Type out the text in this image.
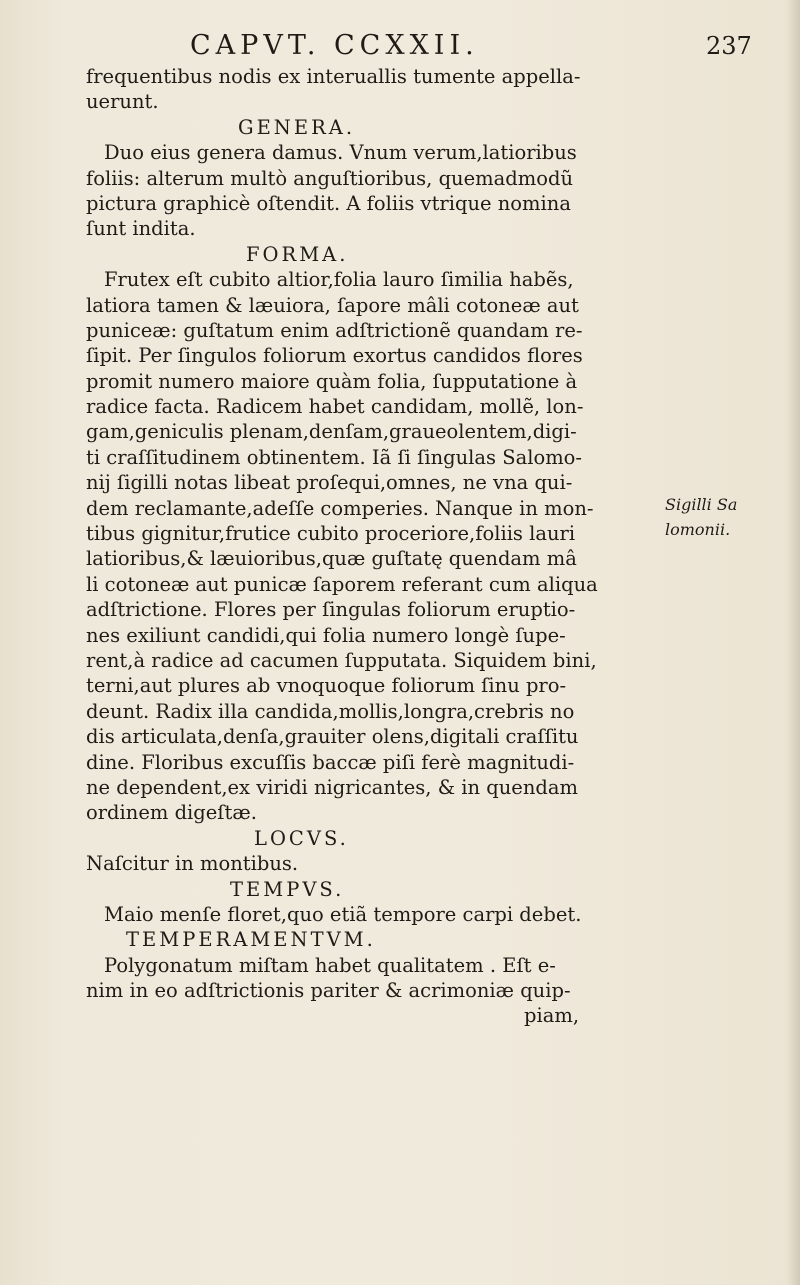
CAPVT. CCXXII.	237
frequentibus nodis ex interuallis tumente appella-
uerunt.
GENERA.
Duo eius genera damus. Vnum verum,latioribus
foliis: alterum multò anguſtioribus, quemadmodũ
pictura graphicè oſtendit. A foliis vtrique nomina
ſunt indita.
FORMA.
Frutex eſt cubito altior,folia lauro ſimilia habẽs,
latiora tamen & læuiora, ſapore mâli cotoneæ aut
puniceæ: guſtatum enim adſtrictionẽ quandam re-
ſipit. Per ſingulos foliorum exortus candidos flores
promit numero maiore quàm folia, ſupputatione à
radice facta. Radicem habet candidam, mollẽ, lon-
gam,geniculis plenam,denſam,graueolentem,digi-
ti craſſitudinem obtinentem. Iã ſi ſingulas Salomo-
nij ſigilli notas libeat proſequi,omnes, ne vna qui-
dem reclamante,adeſſe comperies. Nanque in mon-
tibus gignitur,frutice cubito proceriore,foliis lauri
latioribus,& læuioribus,quæ guſtatę quendam mâ
li cotoneæ aut punicæ ſaporem referant cum aliqua
adſtrictione. Flores per ſingulas foliorum eruptio-
nes exiliunt candidi,qui folia numero longè ſupe-
rent,à radice ad cacumen ſupputata. Siquidem bini,
terni,aut plures ab vnoquoque foliorum ſinu pro-
deunt. Radix illa candida,mollis,longra,crebris no
dis articulata,denſa,grauiter olens,digitali craſſitu
dine. Floribus excuſſis baccæ piſi ferè magnitudi-
ne dependent,ex viridi nigricantes, & in quendam
ordinem digeſtæ.
LOCVS.
Naſcitur in montibus.
TEMPVS.
Maio menſe floret,quo etiã tempore carpi debet.
TEMPERAMENTVM.
Polygonatum miſtam habet qualitatem . Eſt e-
nim in eo adſtrictionis pariter & acrimoniæ quip-
piam,
Sigilli Sa
lomonii.
